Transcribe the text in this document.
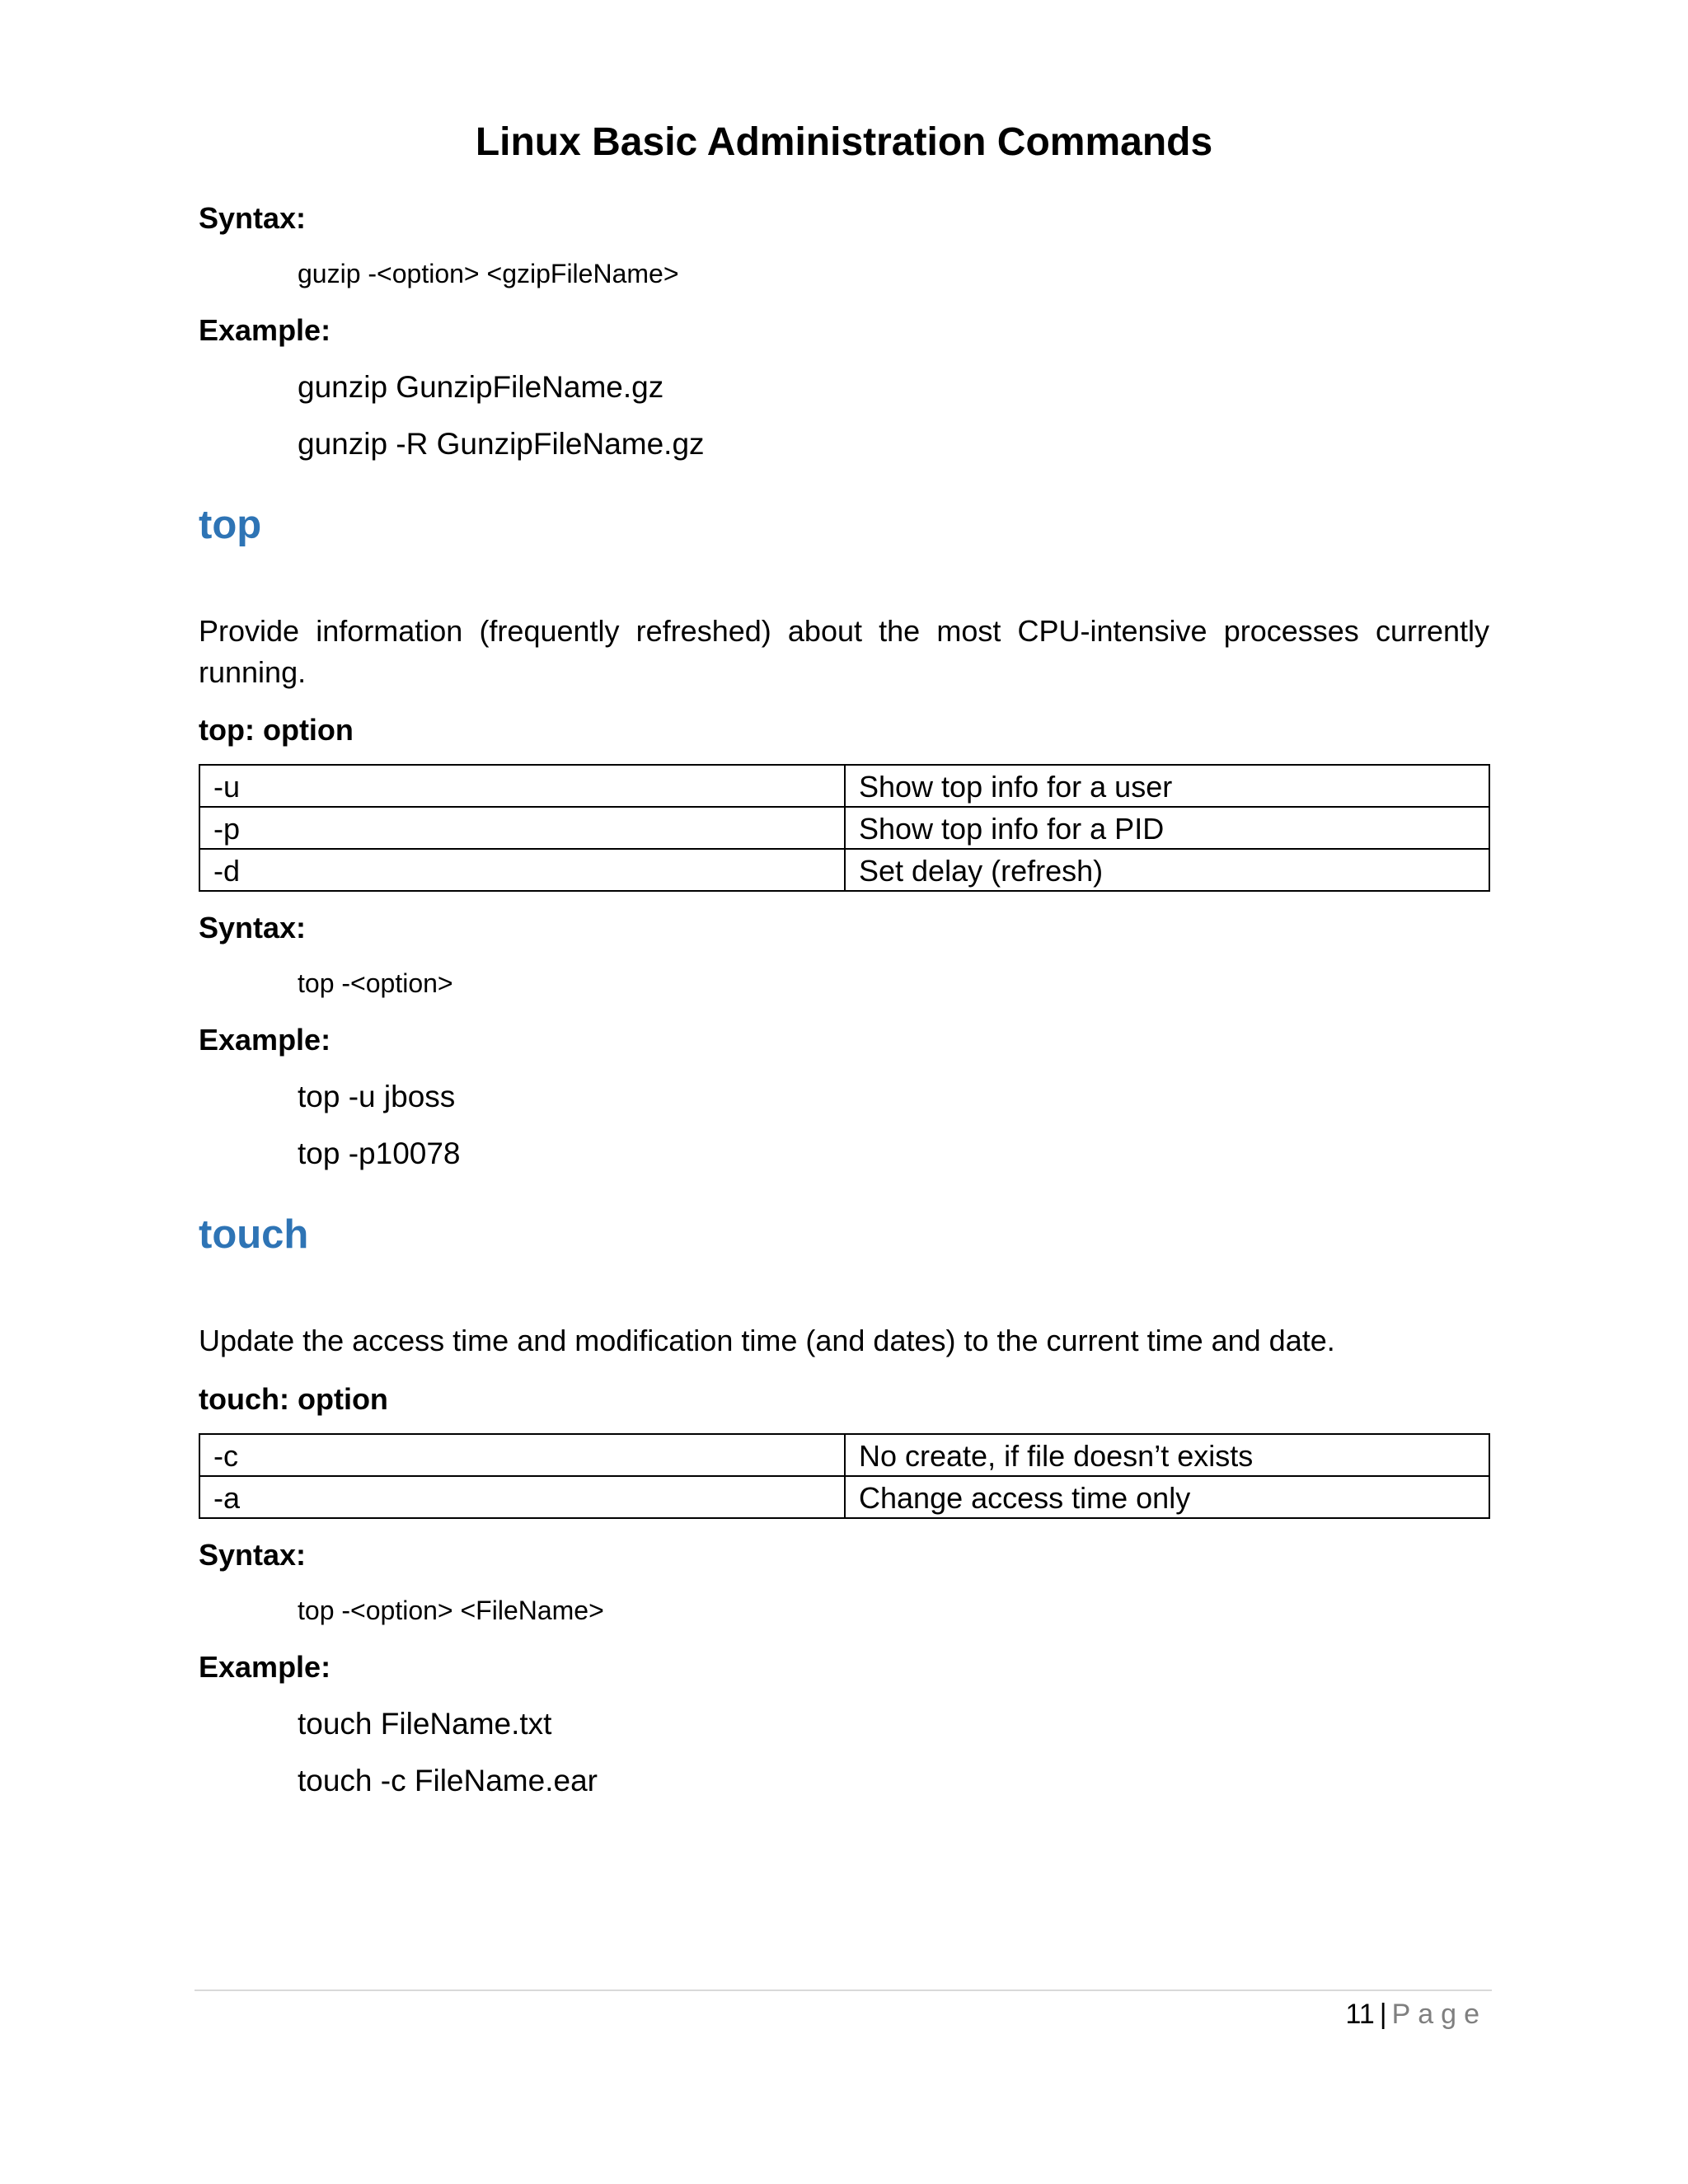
Linux Basic Administration Commands
Syntax:
guzip -<option> <gzipFileName>
Example:
gunzip GunzipFileName.gz
gunzip -R GunzipFileName.gz
top
Provide information (frequently refreshed) about the most CPU-intensive processes currently running.
top: option
-u	Show top info for a user
-p	Show top info for a PID
-d	Set delay (refresh)
Syntax:
top -<option>
Example:
top -u jboss
top -p10078
touch
Update the access time and modification time (and dates) to the current time and date.
touch: option
-c	No create, if file doesn’t exists
-a	Change access time only
Syntax:
top -<option> <FileName>
Example:
touch FileName.txt
touch -c FileName.ear
11 | Page
